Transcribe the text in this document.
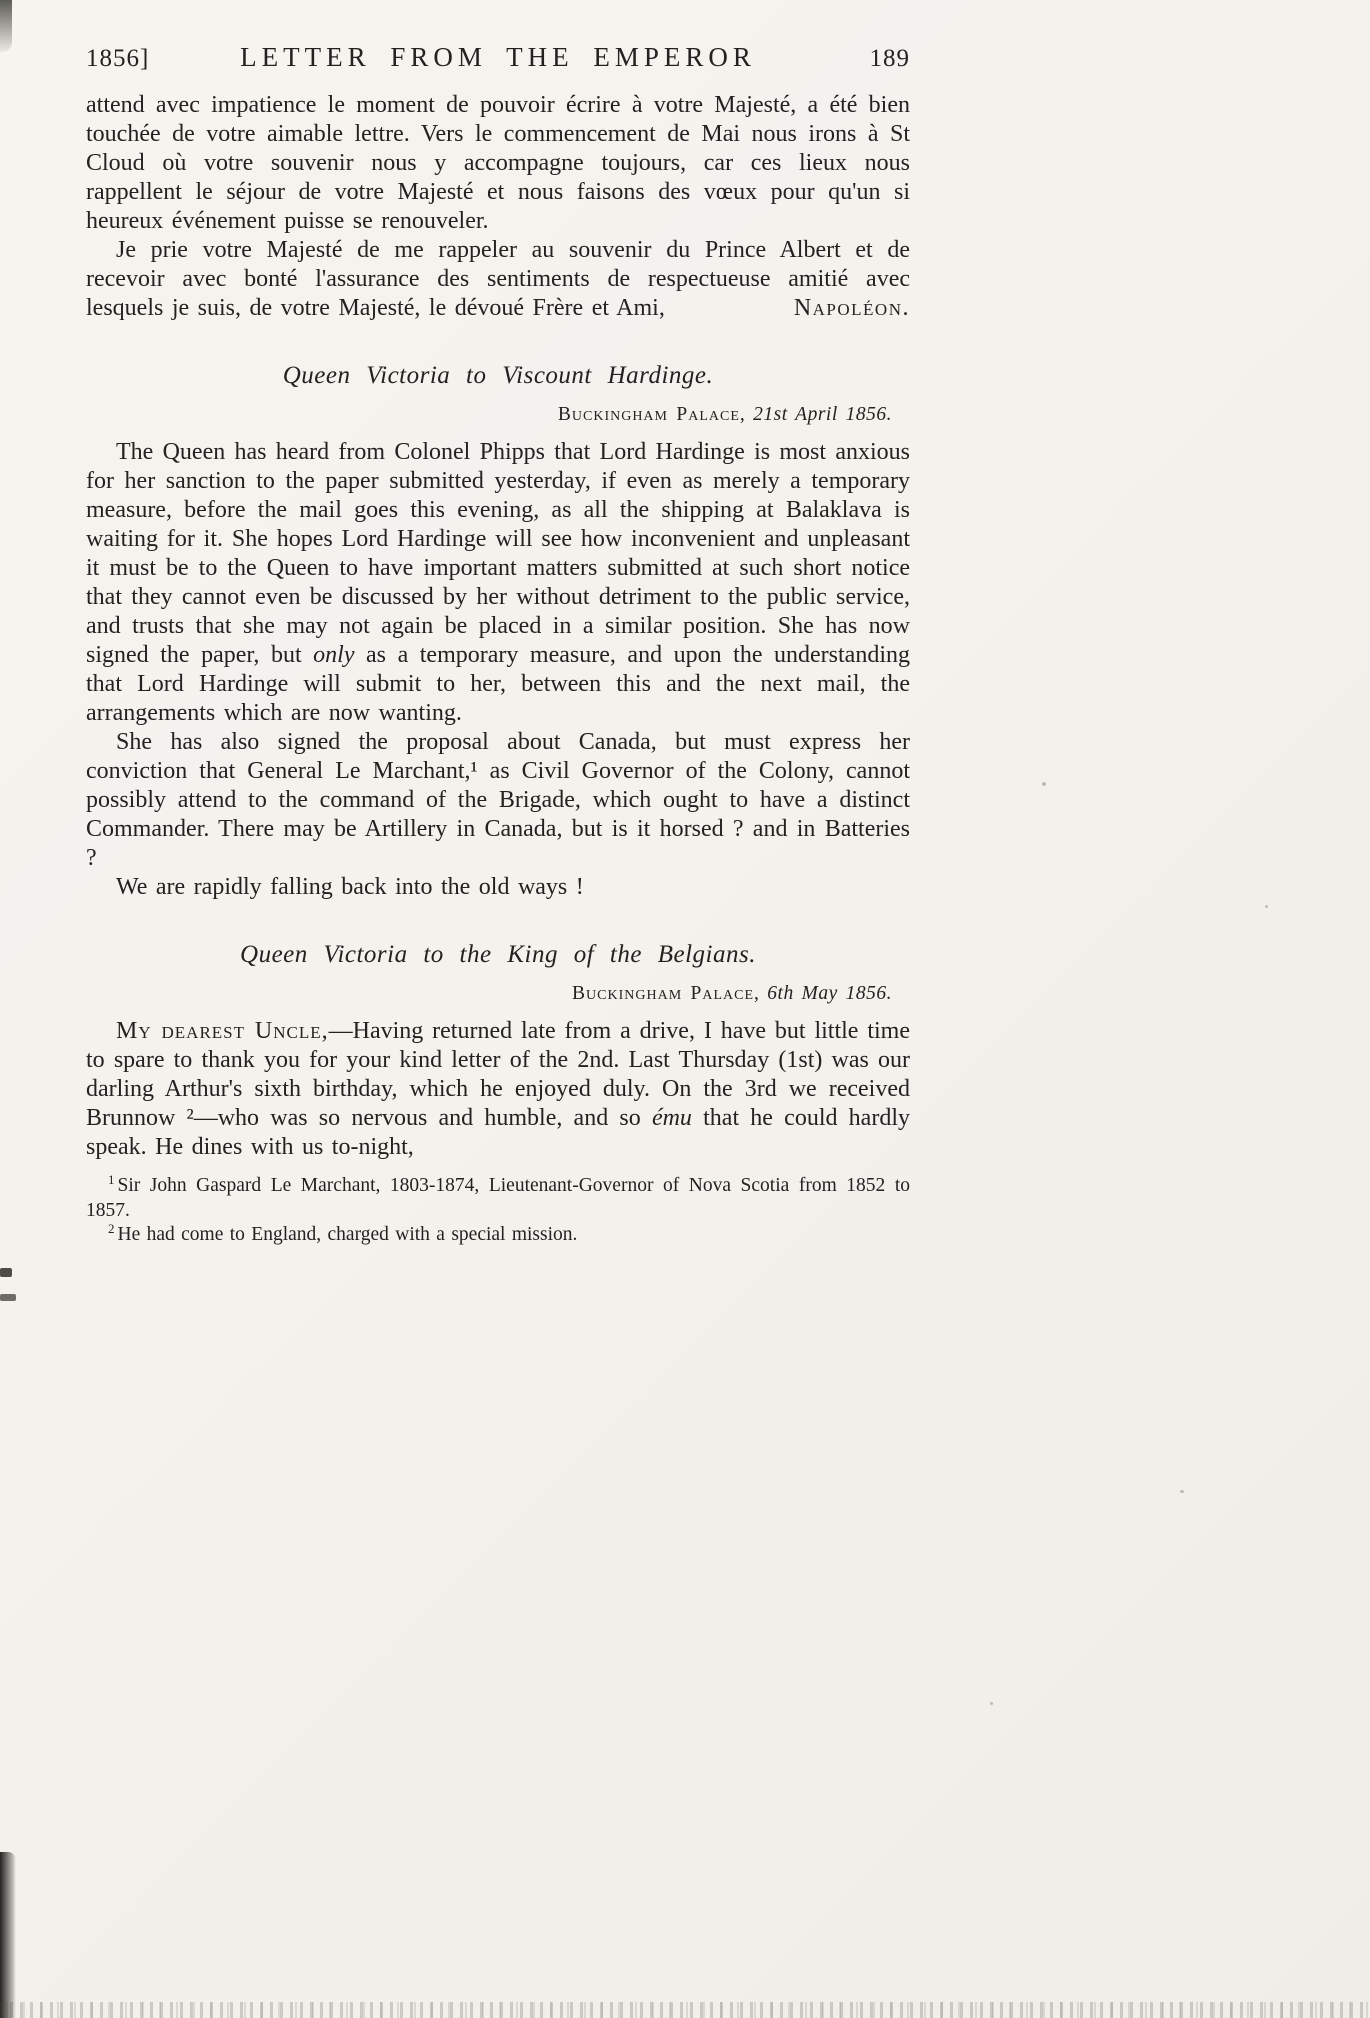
1856]	LETTER FROM THE EMPEROR	189

attend avec impatience le moment de pouvoir écrire à votre Majesté, a été bien touchée de votre aimable lettre. Vers le commencement de Mai nous irons à St Cloud où votre souvenir nous y accompagne toujours, car ces lieux nous rappellent le séjour de votre Majesté et nous faisons des vœux pour qu'un si heureux événement puisse se renouveler.

Je prie votre Majesté de me rappeler au souvenir du Prince Albert et de recevoir avec bonté l'assurance des sentiments de respectueuse amitié avec lesquels je suis, de votre Majesté, le dévoué Frère et Ami,	Napoléon.

Queen Victoria to Viscount Hardinge.
Buckingham Palace, 21st April 1856.

The Queen has heard from Colonel Phipps that Lord Hardinge is most anxious for her sanction to the paper submitted yesterday, if even as merely a temporary measure, before the mail goes this evening, as all the shipping at Balaklava is waiting for it. She hopes Lord Hardinge will see how inconvenient and unpleasant it must be to the Queen to have important matters submitted at such short notice that they cannot even be discussed by her without detriment to the public service, and trusts that she may not again be placed in a similar position. She has now signed the paper, but only as a temporary measure, and upon the understanding that Lord Hardinge will submit to her, between this and the next mail, the arrangements which are now wanting.

She has also signed the proposal about Canada, but must express her conviction that General Le Marchant,¹ as Civil Governor of the Colony, cannot possibly attend to the command of the Brigade, which ought to have a distinct Commander. There may be Artillery in Canada, but is it horsed ? and in Batteries ?

We are rapidly falling back into the old ways !

Queen Victoria to the King of the Belgians.
Buckingham Palace, 6th May 1856.

My dearest Uncle,—Having returned late from a drive, I have but little time to spare to thank you for your kind letter of the 2nd. Last Thursday (1st) was our darling Arthur's sixth birthday, which he enjoyed duly. On the 3rd we received Brunnow ²—who was so nervous and humble, and so ému that he could hardly speak. He dines with us to-night,

$^1$ Sir John Gaspard Le Marchant, 1803-1874, Lieutenant-Governor of Nova Scotia from 1852 to 1857.

$^2$ He had come to England, charged with a special mission.
